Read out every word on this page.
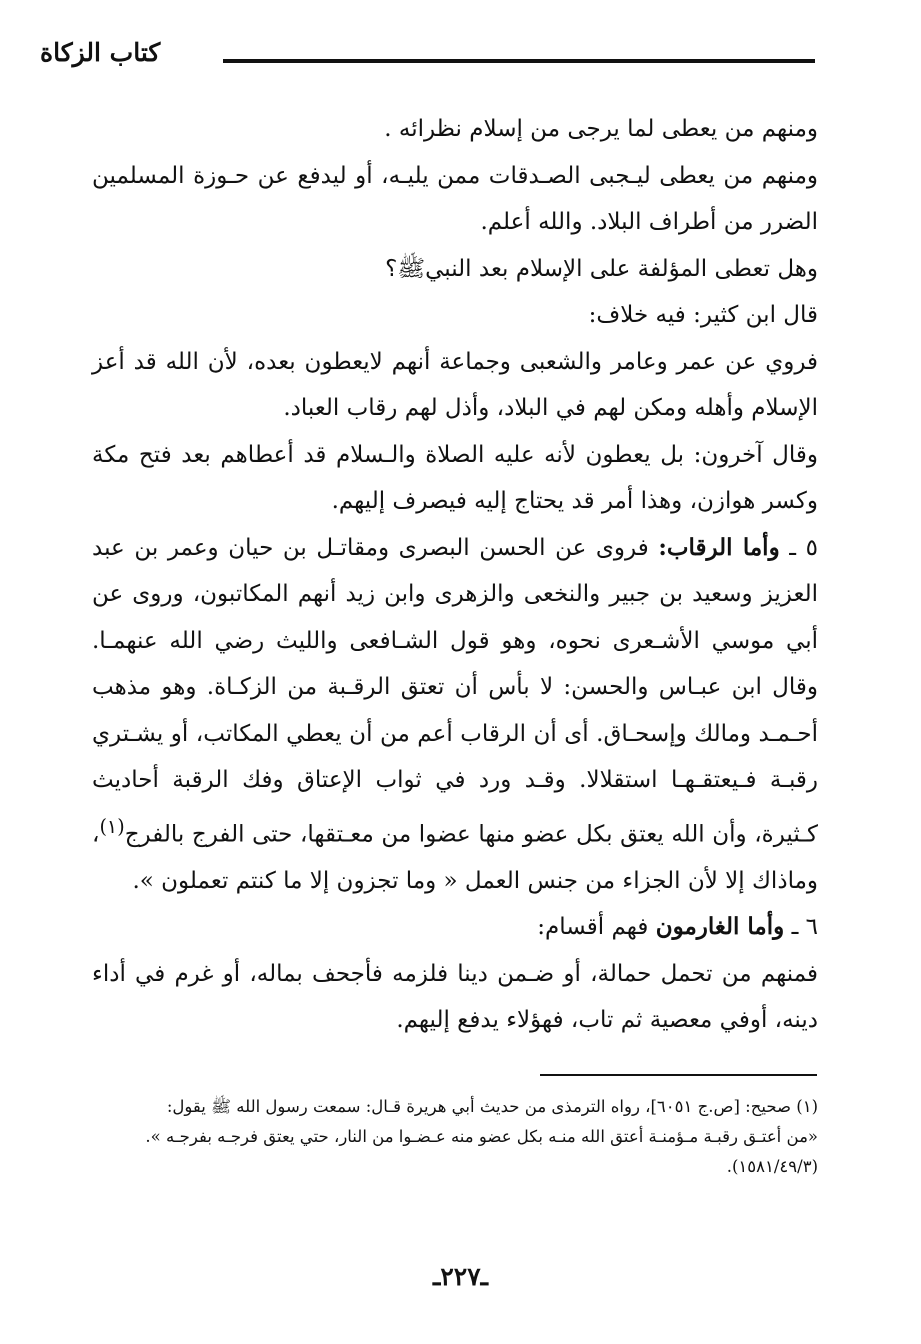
كتاب الزكاة

ومنهم من يعطى لما يرجى من إسلام نظرائه .

ومنهم من يعطى ليـجبى الصـدقات ممن يليـه، أو ليدفع عن حـوزة المسلمين الضرر من أطراف البلاد. والله أعلم.

وهل تعطى المؤلفة على الإسلام بعد النبيﷺ؟

قال ابن كثير: فيه خلاف:

فروي عن عمر وعامر والشعبى وجماعة أنهم لايعطون بعده، لأن الله قد أعز الإسلام وأهله ومكن لهم في البلاد، وأذل لهم رقاب العباد.

وقال آخرون: بل يعطون لأنه عليه الصلاة والـسلام قد أعطاهم بعد فتح مكة وكسر هوازن، وهذا أمر قد يحتاج إليه فيصرف إليهم.

٥ ـ وأما الرقاب: فروى عن الحسن البصرى ومقاتـل بن حيان وعمر بن عبد العزيز وسعيد بن جبير والنخعى والزهرى وابن زيد أنهم المكاتبون، وروى عن أبي موسي الأشـعرى نحوه، وهو قول الشـافعى والليث رضي الله عنهمـا. وقال ابن عبـاس والحسن: لا بأس أن تعتق الرقـبة من الزكـاة. وهو مذهب أحـمـد ومالك وإسحـاق. أى أن الرقاب أعم من أن يعطي المكاتب، أو يشـتري رقبـة فـيعتقـهـا استقلالا. وقـد ورد في ثواب الإعتاق وفك الرقبة أحاديث كـثيرة، وأن الله يعتق بكل عضو منها عضوا من معـتقها، حتى الفرج بالفرج$^{(١)}$، وماذاك إلا لأن الجزاء من جنس العمل « وما تجزون إلا ما كنتم تعملون ».

٦ ـ وأما الغارمون فهم أقسام:

فمنهم من تحمل حمالة، أو ضـمن دينا فلزمه فأجحف بماله، أو غرم في أداء دينه، أوفي معصية ثم تاب، فهؤلاء يدفع إليهم.

(١) صحيح: [ص.ج ٦٠٥١]، رواه الترمذى من حديث أبي هريرة قـال: سمعت رسول الله ﷺ يقول:

«من أعتـق رقبـة مـؤمنـة أعتق الله منـه بكل عضو منه عـضـوا من النار، حتي يعتق فرجـه بفرجـه ».

(١٥٨١/٤٩/٣).

ـ٢٢٧ـ
